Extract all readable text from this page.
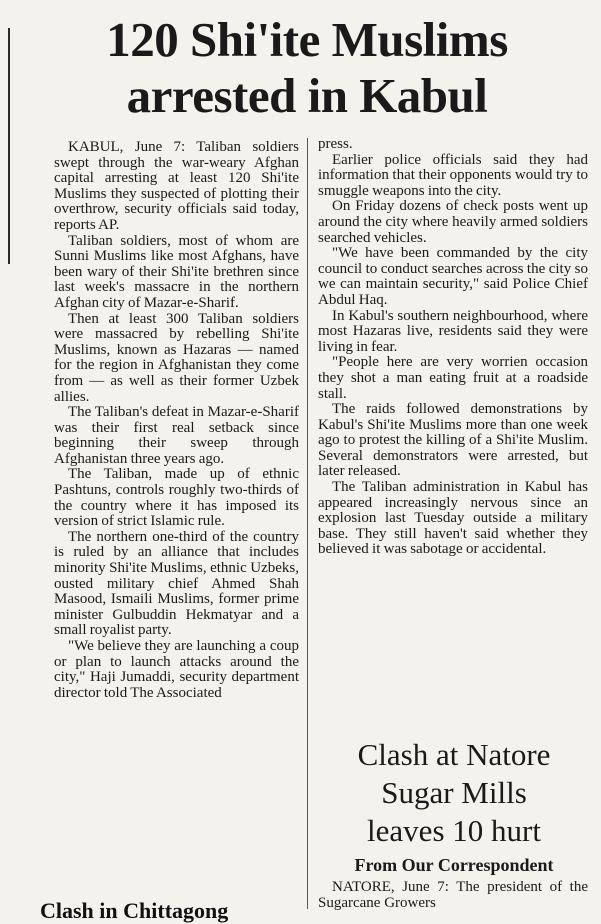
120 Shi'ite Muslims
arrested in Kabul

KABUL, June 7: Taliban soldiers swept through the war-weary Afghan capital arresting at least 120 Shi'ite Muslims they suspected of plotting their overthrow, security officials said today, reports AP.

Taliban soldiers, most of whom are Sunni Muslims like most Afghans, have been wary of their Shi'ite brethren since last week's massacre in the northern Afghan city of Mazar-e-Sharif.

Then at least 300 Taliban soldiers were massacred by rebelling Shi'ite Muslims, known as Hazaras — named for the region in Afghanistan they come from — as well as their former Uzbek allies.

The Taliban's defeat in Mazar-e-Sharif was their first real setback since beginning their sweep through Afghanistan three years ago.

The Taliban, made up of ethnic Pashtuns, controls roughly two-thirds of the country where it has imposed its version of strict Islamic rule.

The northern one-third of the country is ruled by an alliance that includes minority Shi'ite Muslims, ethnic Uzbeks, ousted military chief Ahmed Shah Masood, Ismaili Muslims, former prime minister Gulbuddin Hekmatyar and a small royalist party.

"We believe they are launching a coup or plan to launch attacks around the city," Haji Jumaddi, security department director told The Associated

press.

Earlier police officials said they had information that their opponents would try to smuggle weapons into the city.

On Friday dozens of check posts went up around the city where heavily armed soldiers searched vehicles.

"We have been commanded by the city council to conduct searches across the city so we can maintain security," said Police Chief Abdul Haq.

In Kabul's southern neighbourhood, where most Hazaras live, residents said they were living in fear.

"People here are very worrien occasion they shot a man eating fruit at a roadside stall.

The raids followed demonstrations by Kabul's Shi'ite Muslims more than one week ago to protest the killing of a Shi'ite Muslim. Several demonstrators were arrested, but later released.

The Taliban administration in Kabul has appeared increasingly nervous since an explosion last Tuesday outside a military base. They still haven't said whether they believed it was sabotage or accidental.

Clash at Natore
Sugar Mills
leaves 10 hurt
From Our Correspondent

NATORE, June 7: The president of the Sugarcane Growers

Clash in Chittagong
